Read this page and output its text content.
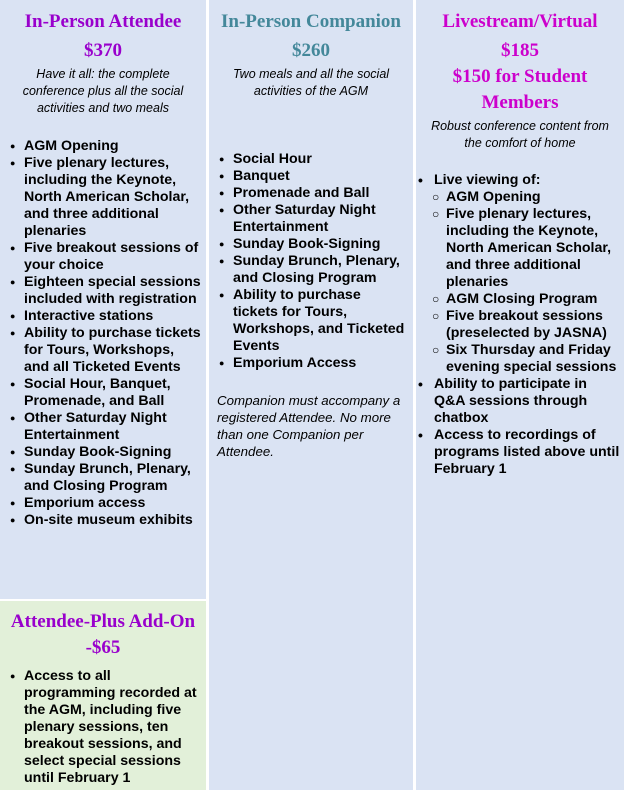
In-Person Attendee

$370

Have it all: the complete conference plus all the social activities and two meals

● AGM Opening
● Five plenary lectures, including the Keynote, North American Scholar, and three additional plenaries
● Five breakout sessions of your choice
● Eighteen special sessions included with registration
● Interactive stations
● Ability to purchase tickets for Tours, Workshops, and all Ticketed Events
● Social Hour, Banquet, Promenade, and Ball
● Other Saturday Night Entertainment
● Sunday Book-Signing
● Sunday Brunch, Plenary, and Closing Program
● Emporium access
● On-site museum exhibits

Attendee-Plus Add-On -$65

● Access to all programming recorded at the AGM, including five plenary sessions, ten breakout sessions, and select special sessions until February 1

In-Person Companion

$260

Two meals and all the social activities of the AGM

● Social Hour
● Banquet
● Promenade and Ball
● Other Saturday Night Entertainment
● Sunday Book-Signing
● Sunday Brunch, Plenary, and Closing Program
● Ability to purchase tickets for Tours, Workshops, and Ticketed Events
● Emporium Access

Companion must accompany a registered Attendee. No more than one Companion per Attendee.

Livestream/Virtual

$185

$150 for Student Members

Robust conference content from the comfort of home

• Live viewing of:
○ AGM Opening
○ Five plenary lectures, including the Keynote, North American Scholar, and three additional plenaries
○ AGM Closing Program
○ Five breakout sessions (preselected by JASNA)
○ Six Thursday and Friday evening special sessions
• Ability to participate in Q&A sessions through chatbox
• Access to recordings of programs listed above until February 1
